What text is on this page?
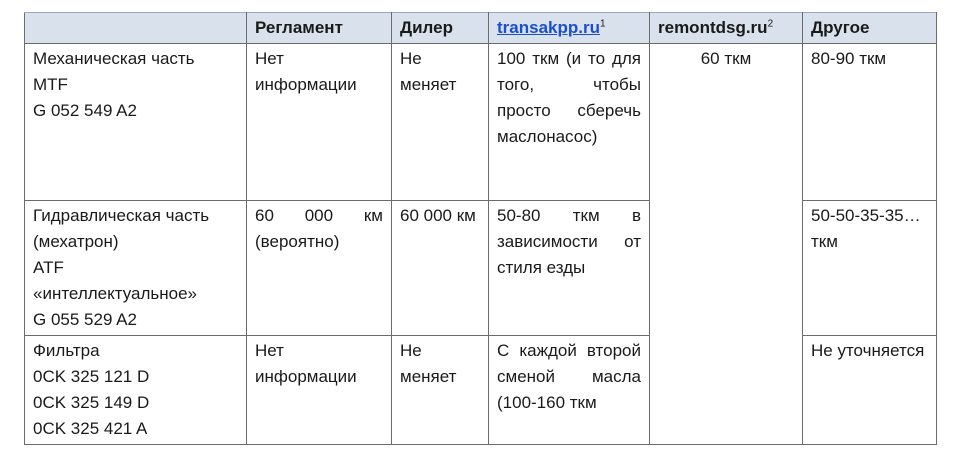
	Регламент	Дилер	transakpp.ru$^1$	remontdsg.ru$^2$	Другое

Механическая часть
MTF
G 052 549 A2	Нет информации	Не меняет	100 ткм (и то для того, чтобы просто сберечь маслонасос)	60 ткм	80-90 ткм

Гидравлическая часть (мехатрон)
ATF
«интеллектуальное»
G 055 529 A2	60 000 км (вероятно)	60 000 км	50-80 ткм в зависимости от стиля езды		50-50-35-35…ткм

Фильтра
0CK 325 121 D
0CK 325 149 D
0CK 325 421 A	Нет информации	Не меняет	С каждой второй сменой масла (100-160 ткм		Не уточняется
